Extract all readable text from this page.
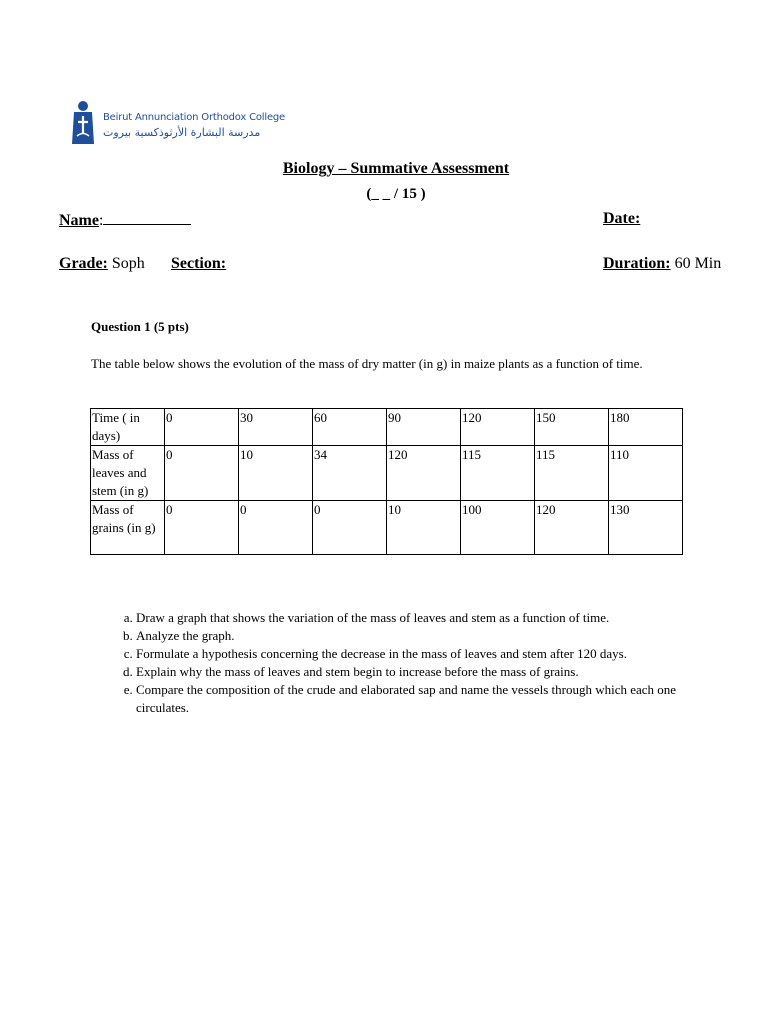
Beirut Annunciation Orthodox College
مدرسة البشارة الأرثوذكسية بيروت
Biology – Summative Assessment
(_ _ / 15 )
Name:	Date:
Grade: Soph Section:	Duration: 60 Min
Question 1 (5 pts)
The table below shows the evolution of the mass of dry matter (in g) in maize plants as a function of time.
Time ( in days)	0	30	60	90	120	150	180
Mass of leaves and stem (in g)	0	10	34	120	115	115	110
Mass of grains (in g)	0	0	0	10	100	120	130
a. Draw a graph that shows the variation of the mass of leaves and stem as a function of time.
b. Analyze the graph.
c. Formulate a hypothesis concerning the decrease in the mass of leaves and stem after 120 days.
d. Explain why the mass of leaves and stem begin to increase before the mass of grains.
e. Compare the composition of the crude and elaborated sap and name the vessels through which each one circulates.
